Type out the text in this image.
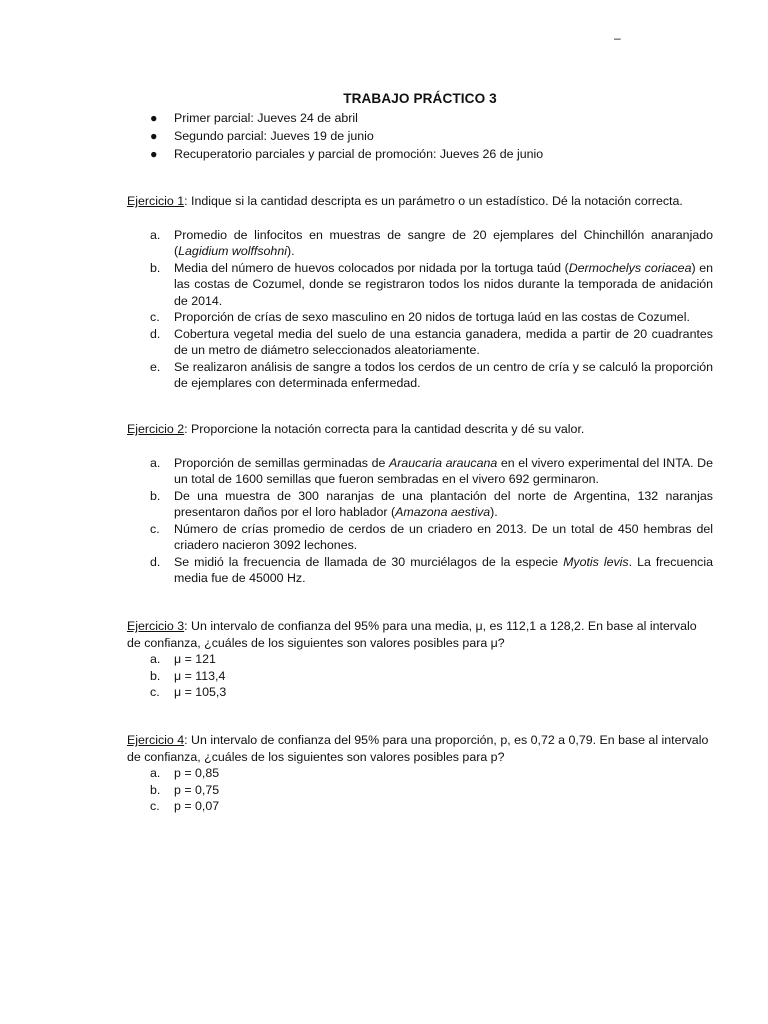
–
TRABAJO PRÁCTICO 3
● Primer parcial: Jueves 24 de abril
● Segundo parcial: Jueves 19 de junio
● Recuperatorio parciales y parcial de promoción: Jueves 26 de junio

Ejercicio 1: Indique si la cantidad descripta es un parámetro o un estadístico. Dé la notación correcta.

a. Promedio de linfocitos en muestras de sangre de 20 ejemplares del Chinchillón anaranjado (Lagidium wolffsohni).
b. Media del número de huevos colocados por nidada por la tortuga taúd (Dermochelys coriacea) en las costas de Cozumel, donde se registraron todos los nidos durante la temporada de anidación de 2014.
c. Proporción de crías de sexo masculino en 20 nidos de tortuga laúd en las costas de Cozumel.
d. Cobertura vegetal media del suelo de una estancia ganadera, medida a partir de 20 cuadrantes de un metro de diámetro seleccionados aleatoriamente.
e. Se realizaron análisis de sangre a todos los cerdos de un centro de cría y se calculó la proporción de ejemplares con determinada enfermedad.

Ejercicio 2: Proporcione la notación correcta para la cantidad descrita y dé su valor.

a. Proporción de semillas germinadas de Araucaria araucana en el vivero experimental del INTA. De un total de 1600 semillas que fueron sembradas en el vivero 692 germinaron.
b. De una muestra de 300 naranjas de una plantación del norte de Argentina, 132 naranjas presentaron daños por el loro hablador (Amazona aestiva).
c. Número de crías promedio de cerdos de un criadero en 2013. De un total de 450 hembras del criadero nacieron 3092 lechones.
d. Se midió la frecuencia de llamada de 30 murciélagos de la especie Myotis levis. La frecuencia media fue de 45000 Hz.

Ejercicio 3: Un intervalo de confianza del 95% para una media, μ, es 112,1 a 128,2. En base al intervalo de confianza, ¿cuáles de los siguientes son valores posibles para μ?

a. μ = 121
b. μ = 113,4
c. μ = 105,3

Ejercicio 4: Un intervalo de confianza del 95% para una proporción, p, es 0,72 a 0,79. En base al intervalo de confianza, ¿cuáles de los siguientes son valores posibles para p?

a. p = 0,85
b. p = 0,75
c. p = 0,07
